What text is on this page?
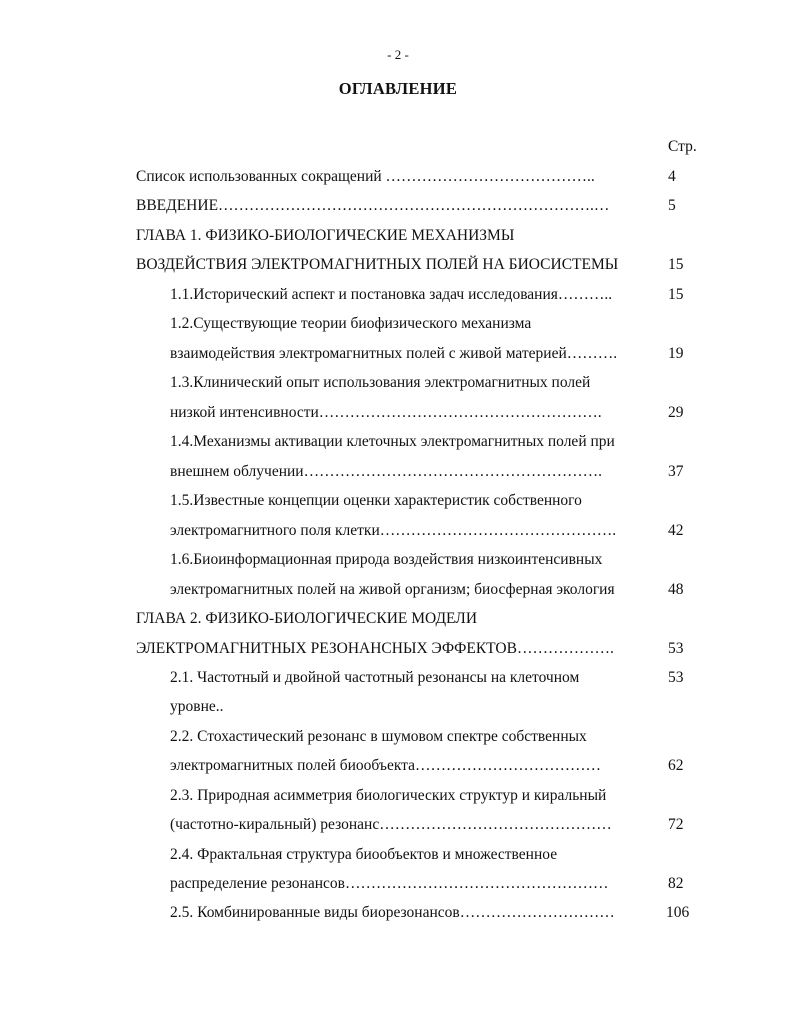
- 2 -
ОГЛАВЛЕНИЕ
Стр.
Список использованных сокращений …………………………………..	4
ВВЕДЕНИЕ……………………………………………………………….…	5
ГЛАВА 1. ФИЗИКО-БИОЛОГИЧЕСКИЕ МЕХАНИЗМЫ
ВОЗДЕЙСТВИЯ ЭЛЕКТРОМАГНИТНЫХ ПОЛЕЙ НА БИОСИСТЕМЫ	15
1.1.Исторический аспект и постановка задач исследования………..	15
1.2.Существующие теории биофизического механизма
взаимодействия электромагнитных полей с живой материей……….	19
1.3.Клинический опыт использования электромагнитных полей
низкой интенсивности……………………………………………….	29
1.4.Механизмы активации клеточных электромагнитных полей при
внешнем облучении………………………………………………….	37
1.5.Известные концепции оценки характеристик собственного
электромагнитного поля клетки……………………………………….	42
1.6.Биоинформационная природа воздействия низкоинтенсивных
электромагнитных полей на живой организм; биосферная экология	48
ГЛАВА 2. ФИЗИКО-БИОЛОГИЧЕСКИЕ МОДЕЛИ
ЭЛЕКТРОМАГНИТНЫХ РЕЗОНАНСНЫХ ЭФФЕКТОВ……………….	53
2.1. Частотный и двойной частотный резонансы на клеточном	53
уровне..
2.2. Стохастический резонанс в шумовом спектре собственных
электромагнитных полей биообъекта………………………………	62
2.3. Природная асимметрия биологических структур и киральный
(частотно-киральный) резонанс………………………………………	72
2.4. Фрактальная структура биообъектов и множественное
распределение резонансов……………………………………………	82
2.5. Комбинированные виды биорезонансов…………………………	106
